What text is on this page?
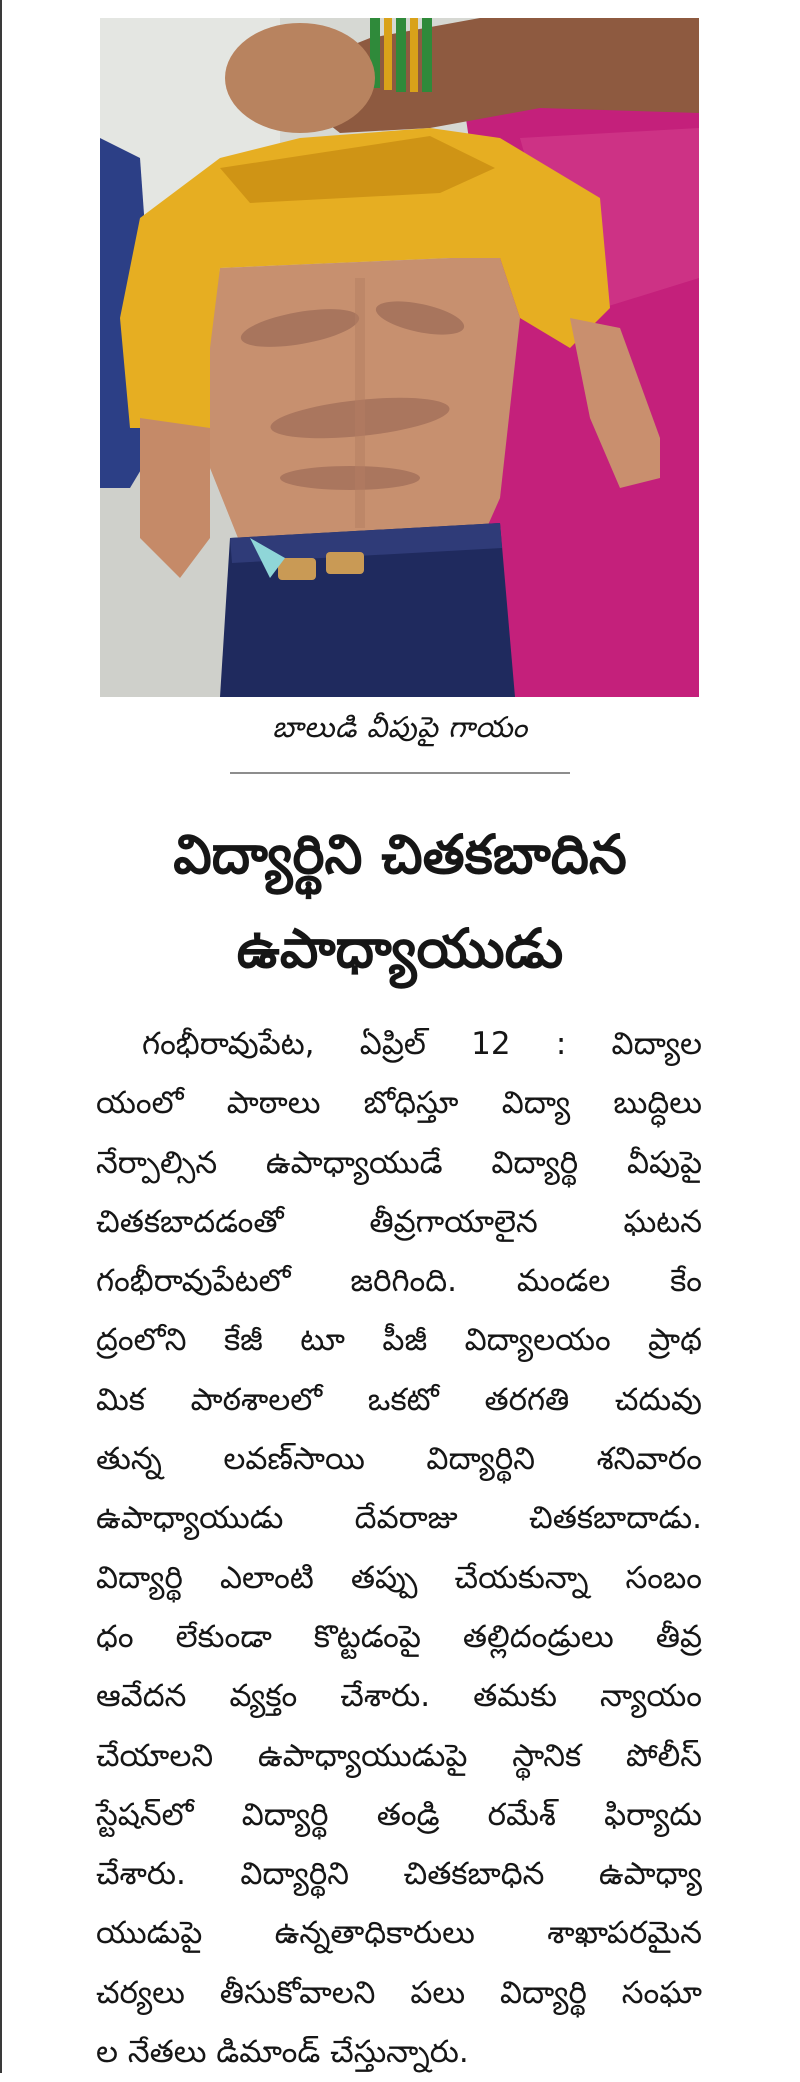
బాలుడి వీపుపై గాయం
విద్యార్థిని చితకబాదిన
ఉపాధ్యాయుడు
గంభీరావుపేట, ఏప్రిల్ 12 : విద్యాల
యంలో పాఠాలు బోధిస్తూ విద్యా బుద్ధిలు
నేర్పాల్సిన ఉపాధ్యాయుడే విద్యార్థి వీపుపై
చితకబాదడంతో తీవ్రగాయాలైన ఘటన
గంభీరావుపేటలో జరిగింది. మండల కేం
ద్రంలోని కేజీ టూ పీజీ విద్యాలయం ప్రాథ
మిక పాఠశాలలో ఒకటో తరగతి చదువు
తున్న లవణ్‌సాయి విద్యార్థిని శనివారం
ఉపాధ్యాయుడు దేవరాజు చితకబాదాడు.
విద్యార్థి ఎలాంటి తప్పు చేయకున్నా సంబం
ధం లేకుండా కొట్టడంపై తల్లిదండ్రులు తీవ్ర
ఆవేదన వ్యక్తం చేశారు. తమకు న్యాయం
చేయాలని ఉపాధ్యాయుడుపై స్థానిక పోలీస్
స్టేషన్‌లో విద్యార్థి తండ్రి రమేశ్ ఫిర్యాదు
చేశారు. విద్యార్థిని చితకబాధిన ఉపాధ్యా
యుడుపై ఉన్నతాధికారులు శాఖాపరమైన
చర్యలు తీసుకోవాలని పలు విద్యార్థి సంఘా
ల నేతలు డిమాండ్ చేస్తున్నారు.
